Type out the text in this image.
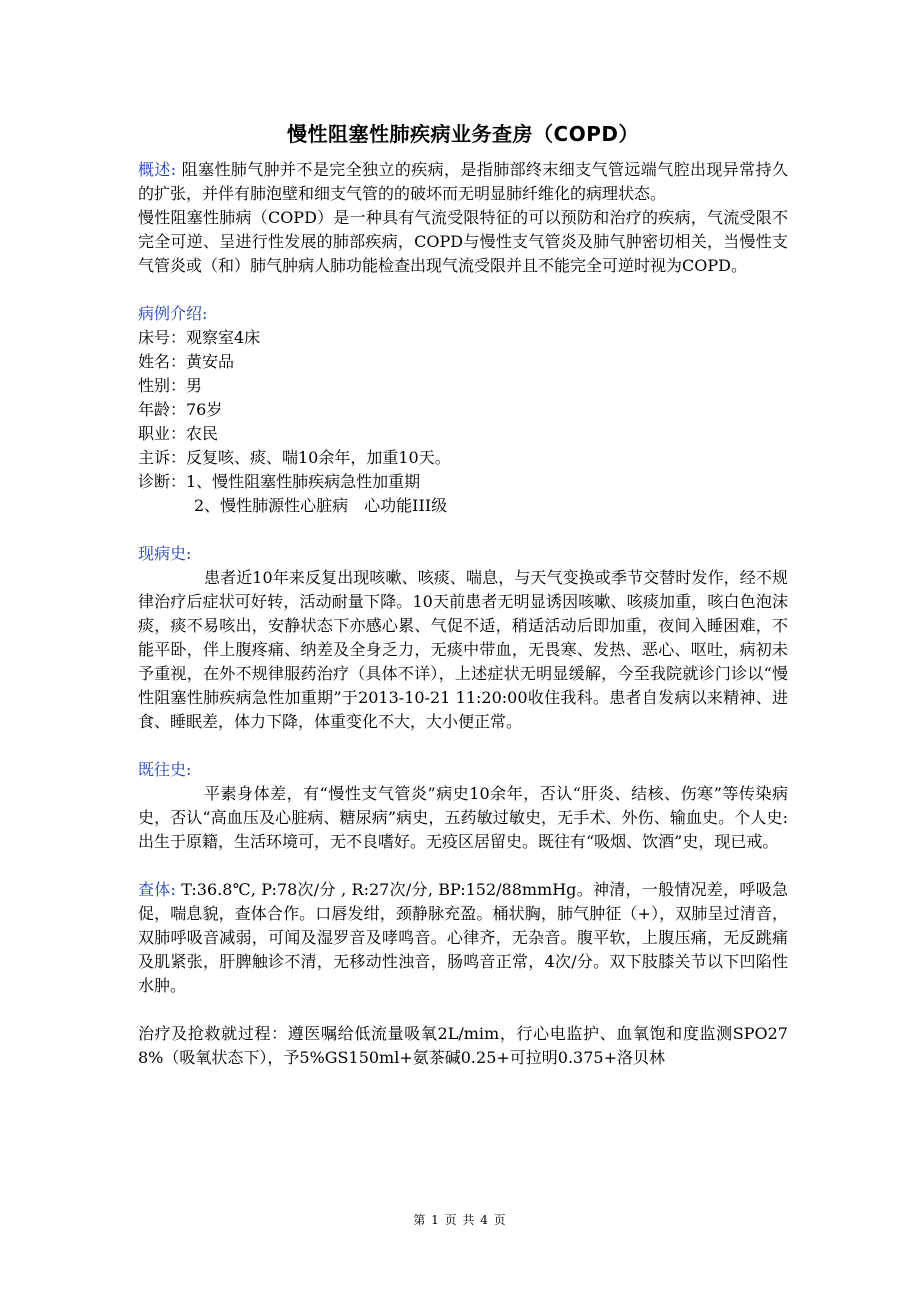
慢性阻塞性肺疾病业务查房（COPD）

概述: 阻塞性肺气肿并不是完全独立的疾病，是指肺部终末细支气管远端气腔出现异常持久的扩张，并伴有肺泡壁和细支气管的的破坏而无明显肺纤维化的病理状态。

慢性阻塞性肺病（COPD）是一种具有气流受限特征的可以预防和治疗的疾病，气流受限不完全可逆、呈进行性发展的肺部疾病，COPD与慢性支气管炎及肺气肿密切相关，当慢性支气管炎或（和）肺气肿病人肺功能检查出现气流受限并且不能完全可逆时视为COPD。

病例介绍:

床号：观察室4床

姓名：黄安品

性别：男

年龄：76岁

职业：农民

主诉：反复咳、痰、喘10余年，加重10天。

诊断：1、慢性阻塞性肺疾病急性加重期

2、慢性肺源性心脏病　心功能III级

现病史:

患者近10年来反复出现咳嗽、咳痰、喘息，与天气变换或季节交替时发作，经不规律治疗后症状可好转，活动耐量下降。10天前患者无明显诱因咳嗽、咳痰加重，咳白色泡沫痰，痰不易咳出，安静状态下亦感心累、气促不适，稍适活动后即加重，夜间入睡困难，不能平卧，伴上腹疼痛、纳差及全身乏力，无痰中带血，无畏寒、发热、恶心、呕吐，病初未予重视，在外不规律服药治疗（具体不详），上述症状无明显缓解，今至我院就诊门诊以“慢性阻塞性肺疾病急性加重期”于2013-10-21 11:20:00收住我科。患者自发病以来精神、进食、睡眠差，体力下降，体重变化不大，大小便正常。

既往史:

平素身体差，有“慢性支气管炎”病史10余年，否认“肝炎、结核、伤寒”等传染病史，否认“高血压及心脏病、糖尿病”病史，五药敏过敏史，无手术、外伤、输血史。个人史:出生于原籍，生活环境可，无不良嗜好。无疫区居留史。既往有“吸烟、饮酒”史，现已戒。

查体: T:36.8℃, P:78次/分 , R:27次/分, BP:152/88mmHg。神清，一般情况差，呼吸急促，喘息貌，查体合作。口唇发绀，颈静脉充盈。桶状胸，肺气肿征（+），双肺呈过清音，双肺呼吸音减弱，可闻及湿罗音及哮鸣音。心律齐，无杂音。腹平软，上腹压痛，无反跳痛及肌紧张，肝脾触诊不清，无移动性浊音，肠鸣音正常，4次/分。双下肢膝关节以下凹陷性水肿。

治疗及抢救就过程：遵医嘱给低流量吸氧2L/mim，行心电监护、血氧饱和度监测SPO278%（吸氧状态下），予5%GS150ml+氨茶碱0.25+可拉明0.375+洛贝林

第 1 页 共 4 页
